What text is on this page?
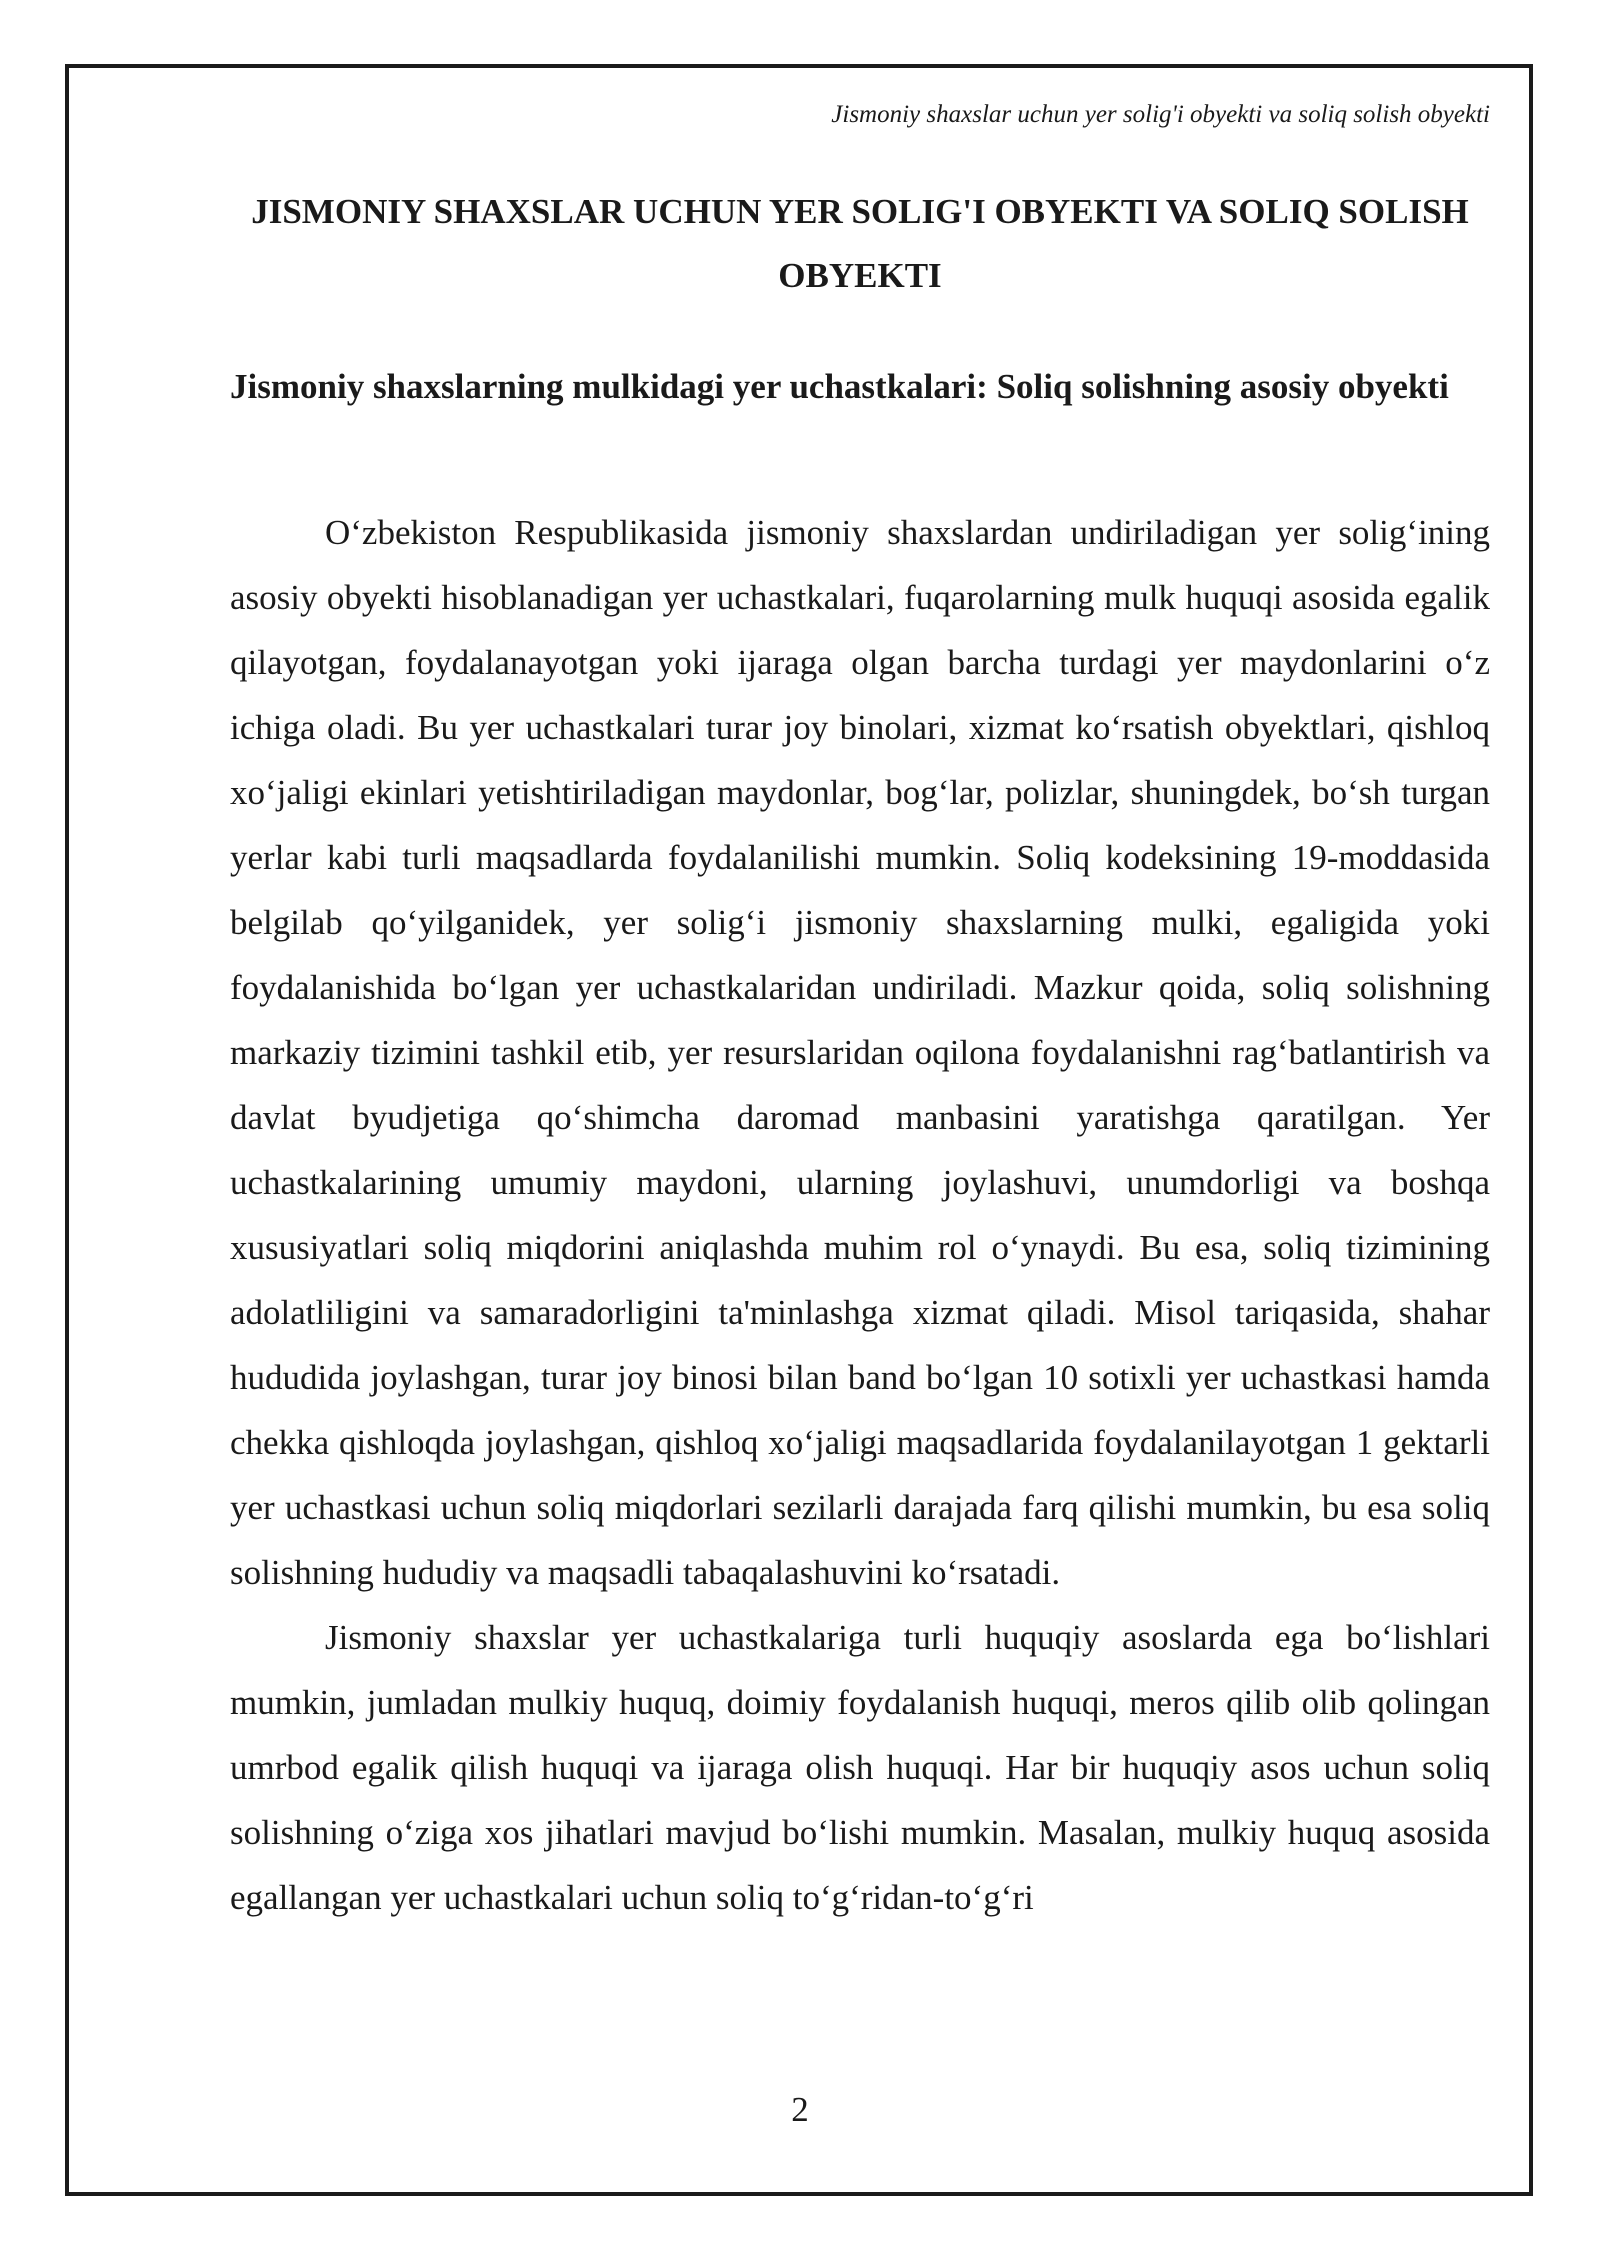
Jismoniy shaxslar uchun yer solig'i obyekti va soliq solish obyekti
JISMONIY SHAXSLAR UCHUN YER SOLIG'I OBYEKTI VA SOLIQ SOLISH OBYEKTI
Jismoniy shaxslarning mulkidagi yer uchastkalari: Soliq solishning asosiy obyekti

O‘zbekiston Respublikasida jismoniy shaxslardan undiriladigan yer solig‘ining asosiy obyekti hisoblanadigan yer uchastkalari, fuqarolarning mulk huquqi asosida egalik qilayotgan, foydalanayotgan yoki ijaraga olgan barcha turdagi yer maydonlarini o‘z ichiga oladi. Bu yer uchastkalari turar joy binolari, xizmat ko‘rsatish obyektlari, qishloq xo‘jaligi ekinlari yetishtiriladigan maydonlar, bog‘lar, polizlar, shuningdek, bo‘sh turgan yerlar kabi turli maqsadlarda foydalanilishi mumkin. Soliq kodeksining 19-moddasida belgilab qo‘yilganidek, yer solig‘i jismoniy shaxslarning mulki, egaligida yoki foydalanishida bo‘lgan yer uchastkalaridan undiriladi. Mazkur qoida, soliq solishning markaziy tizimini tashkil etib, yer resurslaridan oqilona foydalanishni rag‘batlantirish va davlat byudjetiga qo‘shimcha daromad manbasini yaratishga qaratilgan. Yer uchastkalarining umumiy maydoni, ularning joylashuvi, unumdorligi va boshqa xususiyatlari soliq miqdorini aniqlashda muhim rol o‘ynaydi. Bu esa, soliq tizimining adolatliligini va samaradorligini ta'minlashga xizmat qiladi. Misol tariqasida, shahar hududida joylashgan, turar joy binosi bilan band bo‘lgan 10 sotixli yer uchastkasi hamda chekka qishloqda joylashgan, qishloq xo‘jaligi maqsadlarida foydalanilayotgan 1 gektarli yer uchastkasi uchun soliq miqdorlari sezilarli darajada farq qilishi mumkin, bu esa soliq solishning hududiy va maqsadli tabaqalashuvini ko‘rsatadi.

Jismoniy shaxslar yer uchastkalariga turli huquqiy asoslarda ega bo‘lishlari mumkin, jumladan mulkiy huquq, doimiy foydalanish huquqi, meros qilib olib qolingan umrbod egalik qilish huquqi va ijaraga olish huquqi. Har bir huquqiy asos uchun soliq solishning o‘ziga xos jihatlari mavjud bo‘lishi mumkin. Masalan, mulkiy huquq asosida egallangan yer uchastkalari uchun soliq to‘g‘ridan-to‘g‘ri

2
